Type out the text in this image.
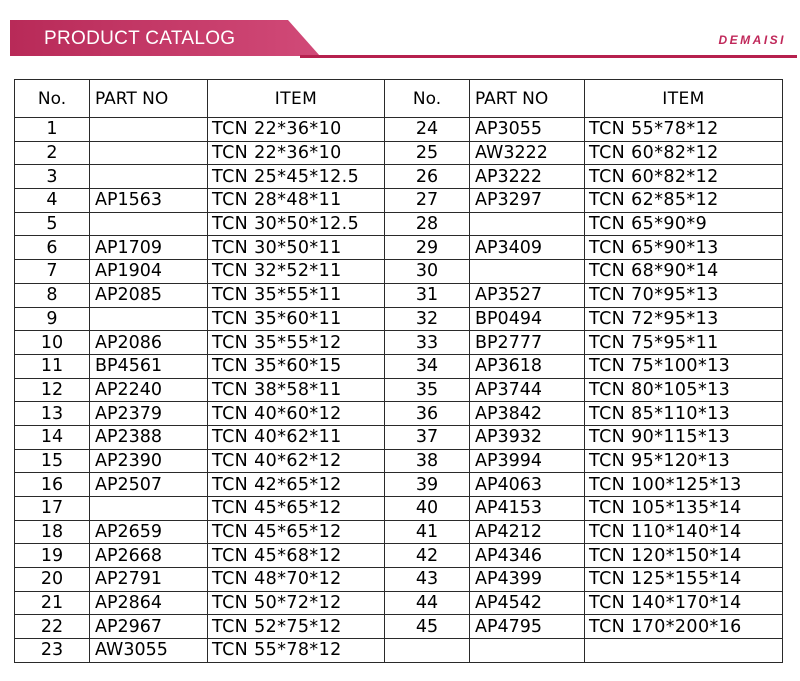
PRODUCT CATALOG	DEMAISI
No.	PART NO	ITEM	No.	PART NO	ITEM
1		TCN 22*36*10	24	AP3055	TCN 55*78*12
2		TCN 22*36*10	25	AW3222	TCN 60*82*12
3		TCN 25*45*12.5	26	AP3222	TCN 60*82*12
4	AP1563	TCN 28*48*11	27	AP3297	TCN 62*85*12
5		TCN 30*50*12.5	28		TCN 65*90*9
6	AP1709	TCN 30*50*11	29	AP3409	TCN 65*90*13
7	AP1904	TCN 32*52*11	30		TCN 68*90*14
8	AP2085	TCN 35*55*11	31	AP3527	TCN 70*95*13
9		TCN 35*60*11	32	BP0494	TCN 72*95*13
10	AP2086	TCN 35*55*12	33	BP2777	TCN 75*95*11
11	BP4561	TCN 35*60*15	34	AP3618	TCN 75*100*13
12	AP2240	TCN 38*58*11	35	AP3744	TCN 80*105*13
13	AP2379	TCN 40*60*12	36	AP3842	TCN 85*110*13
14	AP2388	TCN 40*62*11	37	AP3932	TCN 90*115*13
15	AP2390	TCN 40*62*12	38	AP3994	TCN 95*120*13
16	AP2507	TCN 42*65*12	39	AP4063	TCN 100*125*13
17		TCN 45*65*12	40	AP4153	TCN 105*135*14
18	AP2659	TCN 45*65*12	41	AP4212	TCN 110*140*14
19	AP2668	TCN 45*68*12	42	AP4346	TCN 120*150*14
20	AP2791	TCN 48*70*12	43	AP4399	TCN 125*155*14
21	AP2864	TCN 50*72*12	44	AP4542	TCN 140*170*14
22	AP2967	TCN 52*75*12	45	AP4795	TCN 170*200*16
23	AW3055	TCN 55*78*12			
